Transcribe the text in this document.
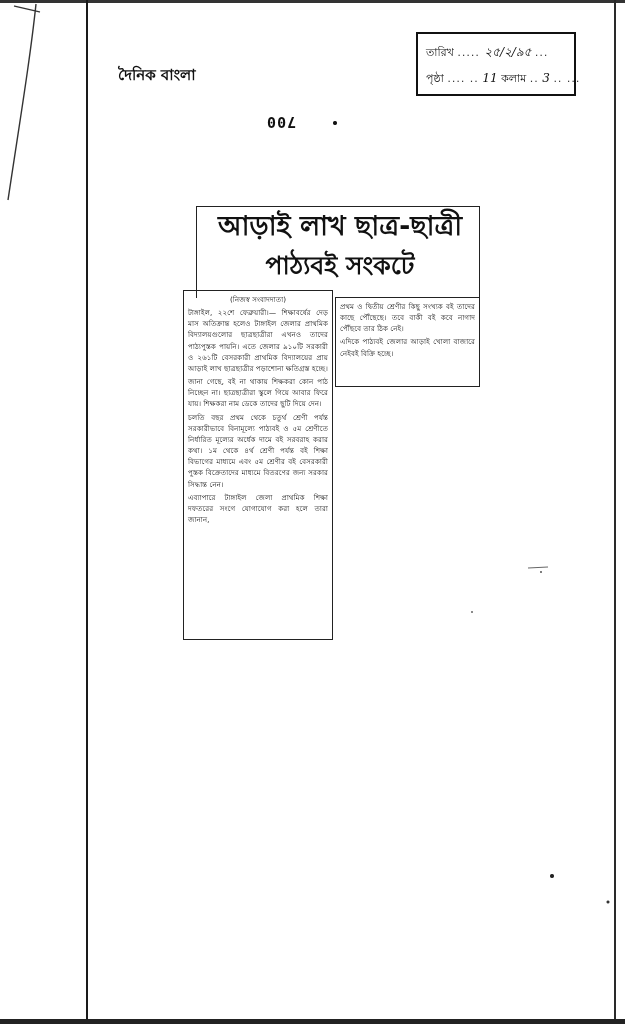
দৈনিক বাংলা
700
তারিখ ..... ২৫/২/৯৫ ...
পৃষ্ঠা .... .. 11 কলাম .. 3 .. ...
আড়াই লাখ ছাত্র-ছাত্রী
পাঠ্যবই সংকটে

(নিজস্ব সংবাদদাতা)

টাঙ্গাইল, ২২শে ফেব্রুয়ারী।— শিক্ষাবর্ষের দেড় মাস অতিক্রান্ত হলেও টাঙ্গাইল জেলার প্রাথমিক বিদ্যালয়গুলোর ছাত্রছাত্রীরা এখনও তাদের পাঠ্যপুস্তক পায়নি। এতে জেলার ৯১০টি সরকারী ও ২৬১টি বেসরকারী প্রাথমিক বিদ্যালয়ের প্রায় আড়াই লাখ ছাত্রছাত্রীর পড়াশোনা ক্ষতিগ্রস্ত হচ্ছে।

জানা গেছে, বই না থাকায় শিক্ষকরা কোন পাঠ নিচ্ছেন না। ছাত্রছাত্রীরা স্কুলে গিয়ে আবার ফিরে যায়। শিক্ষকরা নাম ডেকে তাদের ছুটি দিয়ে দেন।

চলতি বছর প্রথম থেকে চতুর্থ শ্রেণী পর্যন্ত সরকারীভাবে বিনামূল্যে পাঠ্যবই ও ৫ম শ্রেণীতে নির্ধারিত মূল্যের অর্ধেক দামে বই সরবরাহ করার কথা। ১ম থেকে ৪র্থ শ্রেণী পর্যন্ত বই শিক্ষা বিভাগের মাধ্যমে এবং ৫ম শ্রেণীর বই বেসরকারী পুস্তক বিক্রেতাদের মাধ্যমে বিতরণের জন্য সরকার সিদ্ধান্ত নেন।

এব্যাপারে টাঙ্গাইল জেলা প্রাথমিক শিক্ষা দফতরের সংগে যোগাযোগ করা হলে তারা জানান,

প্রথম ও দ্বিতীয় শ্রেণীর কিছু সংখ্যক বই তাদের কাছে পৌঁছেছে। তবে বাকী বই কবে নাগাদ পৌঁছবে তার ঠিক নেই।

এদিকে পাঠ্যবই জেলার আড়াই খোলা বাজারে নেইবই বিক্রি হচ্ছে।
